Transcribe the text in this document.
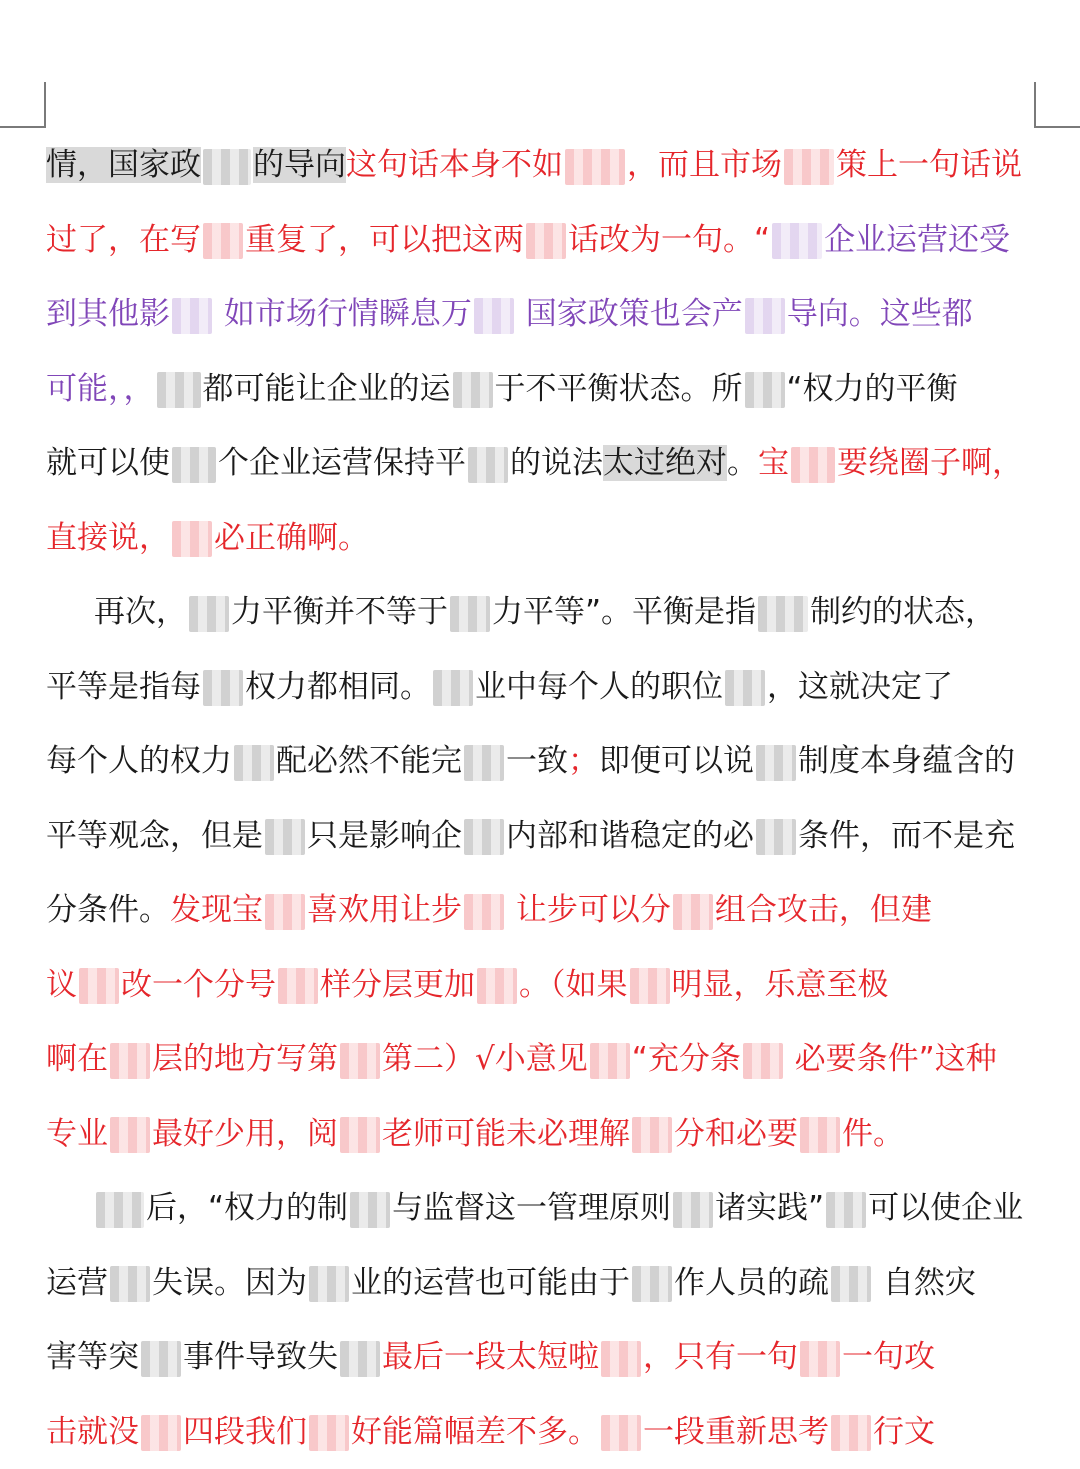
情，国家政 的导向这句话本身不如 ，而且市场 策上一句话说
过了，在写 重复了，可以把这两 话改为一句。“ 企业运营还受
到其他影 如市场行情瞬息万 国家政策也会产 导向。这些都
可能，， 都可能让企业的运 于不平衡状态。所 “权力的平衡
就可以使 个企业运营保持平 的说法太过绝对。宝 要绕圈子啊，
直接说， 必正确啊。
再次， 力平衡并不等于 力平等”。平衡是指 制约的状态，
平等是指每 权力都相同。 业中每个人的职位 ，这就决定了
每个人的权力 配必然不能完 一致；即便可以说 制度本身蕴含的
平等观念，但是 只是影响企 内部和谐稳定的必 条件，而不是充
分条件。发现宝 喜欢用让步 让步可以分 组合攻击，但建
议 改一个分号 样分层更加 。（如果 明显，乐意至极
啊在 层的地方写第 第二）√小意见 “充分条 必要条件”这种
专业 最好少用，阅 老师可能未必理解 分和必要 件。
后，“权力的制 与监督这一管理原则 诸实践” 可以使企业
运营 失误。因为 业的运营也可能由于 作人员的疏 自然灾
害等突 事件导致失 最后一段太短啦 ，只有一句 一句攻
击就没 四段我们 好能篇幅差不多。 一段重新思考 行文
